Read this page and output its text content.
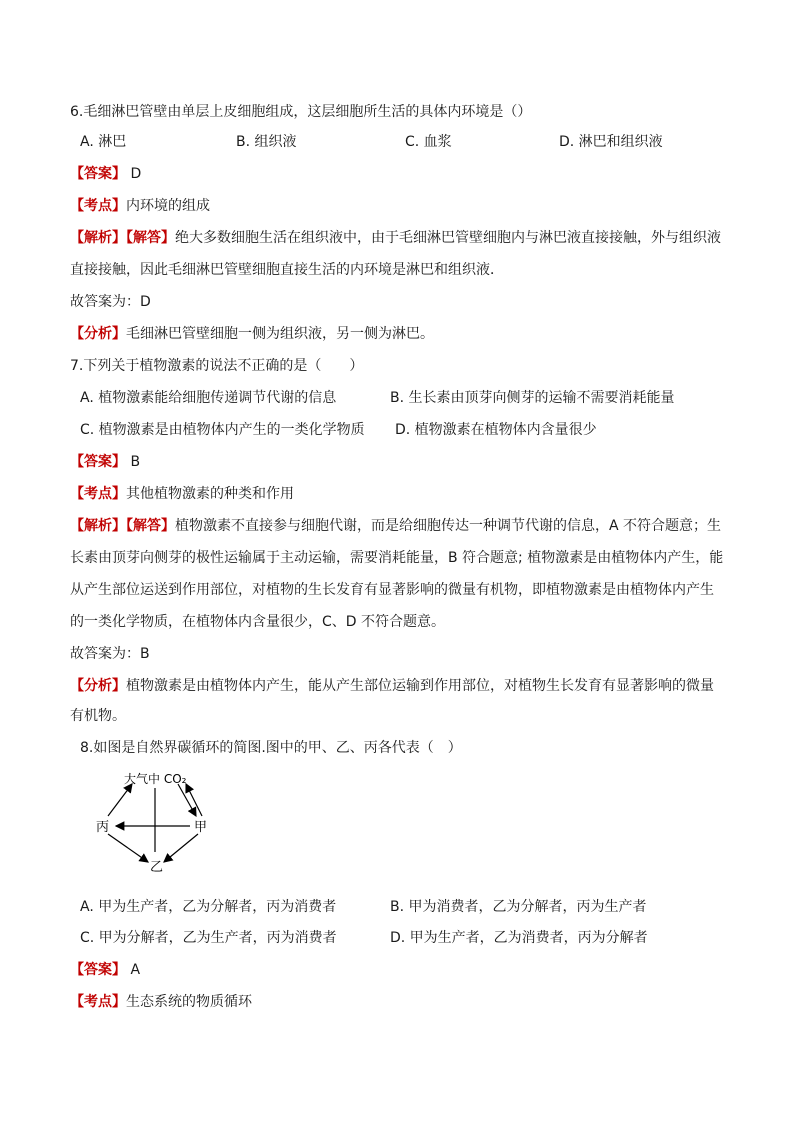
6.毛细淋巴管壁由单层上皮细胞组成，这层细胞所生活的具体内环境是（）
A. 淋巴	B. 组织液	C. 血浆	D. 淋巴和组织液
【答案】 D
【考点】内环境的组成
【解析】【解答】绝大多数细胞生活在组织液中，由于毛细淋巴管壁细胞内与淋巴液直接接触，外与组织液
直接接触，因此毛细淋巴管壁细胞直接生活的内环境是淋巴和组织液．
故答案为：D
【分析】毛细淋巴管壁细胞一侧为组织液，另一侧为淋巴。
7.下列关于植物激素的说法不正确的是（　　）
A. 植物激素能给细胞传递调节代谢的信息	B. 生长素由顶芽向侧芽的运输不需要消耗能量
C. 植物激素是由植物体内产生的一类化学物质 D. 植物激素在植物体内含量很少
【答案】 B
【考点】其他植物激素的种类和作用
【解析】【解答】植物激素不直接参与细胞代谢，而是给细胞传达一种调节代谢的信息，A 不符合题意；生
长素由顶芽向侧芽的极性运输属于主动运输，需要消耗能量，B 符合题意; 植物激素是由植物体内产生，能
从产生部位运送到作用部位，对植物的生长发育有显著影响的微量有机物，即植物激素是由植物体内产生
的一类化学物质，在植物体内含量很少，C、D 不符合题意。
故答案为：B
【分析】植物激素是由植物体内产生，能从产生部位运输到作用部位，对植物生长发育有显著影响的微量
有机物。
8.如图是自然界碳循环的简图.图中的甲、乙、丙各代表（　）
大气中 CO₂
丙	甲
乙
A. 甲为生产者，乙为分解者，丙为消费者	B. 甲为消费者，乙为分解者，丙为生产者
C. 甲为分解者，乙为生产者，丙为消费者	D. 甲为生产者，乙为消费者，丙为分解者
【答案】 A
【考点】生态系统的物质循环
